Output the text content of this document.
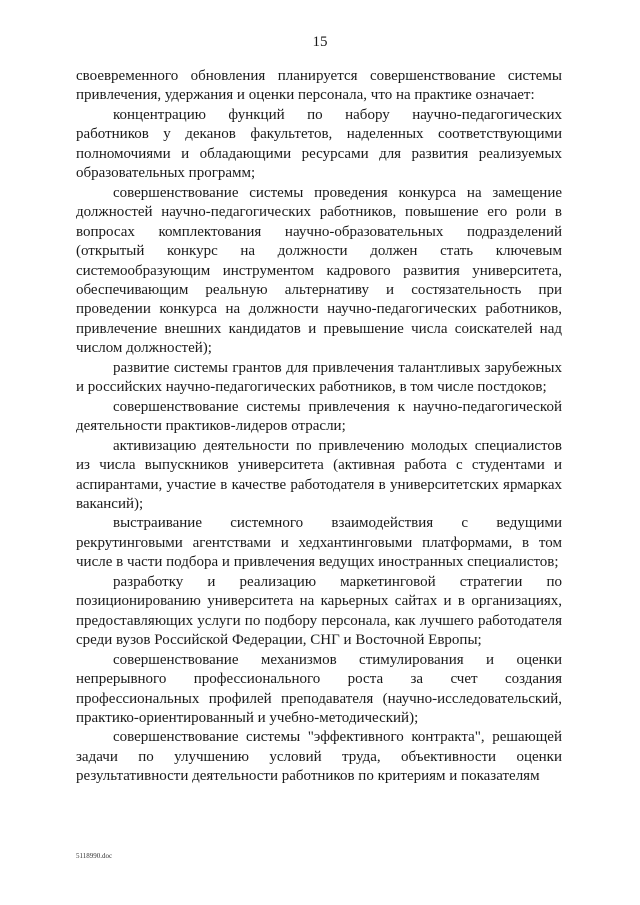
15

своевременного обновления планируется совершенствование системы привлечения, удержания и оценки персонала, что на практике означает:

концентрацию функций по набору научно-педагогических работников у деканов факультетов, наделенных соответствующими полномочиями и обладающими ресурсами для развития реализуемых образовательных программ;

совершенствование системы проведения конкурса на замещение должностей научно-педагогических работников, повышение его роли в вопросах комплектования научно-образовательных подразделений (открытый конкурс на должности должен стать ключевым системообразующим инструментом кадрового развития университета, обеспечивающим реальную альтернативу и состязательность при проведении конкурса на должности научно-педагогических работников, привлечение внешних кандидатов и превышение числа соискателей над числом должностей);

развитие системы грантов для привлечения талантливых зарубежных и российских научно-педагогических работников, в том числе постдоков;

совершенствование системы привлечения к научно-педагогической деятельности практиков-лидеров отрасли;

активизацию деятельности по привлечению молодых специалистов из числа выпускников университета (активная работа с студентами и аспирантами, участие в качестве работодателя в университетских ярмарках вакансий);

выстраивание системного взаимодействия с ведущими рекрутинговыми агентствами и хедхантинговыми платформами, в том числе в части подбора и привлечения ведущих иностранных специалистов;

разработку и реализацию маркетинговой стратегии по позиционированию университета на карьерных сайтах и в организациях, предоставляющих услуги по подбору персонала, как лучшего работодателя среди вузов Российской Федерации, СНГ и Восточной Европы;

совершенствование механизмов стимулирования и оценки непрерывного профессионального роста за счет создания профессиональных профилей преподавателя (научно-исследовательский, практико-ориентированный и учебно-методический);

совершенствование системы "эффективного контракта", решающей задачи по улучшению условий труда, объективности оценки результативности деятельности работников по критериям и показателям

5118990.doc
